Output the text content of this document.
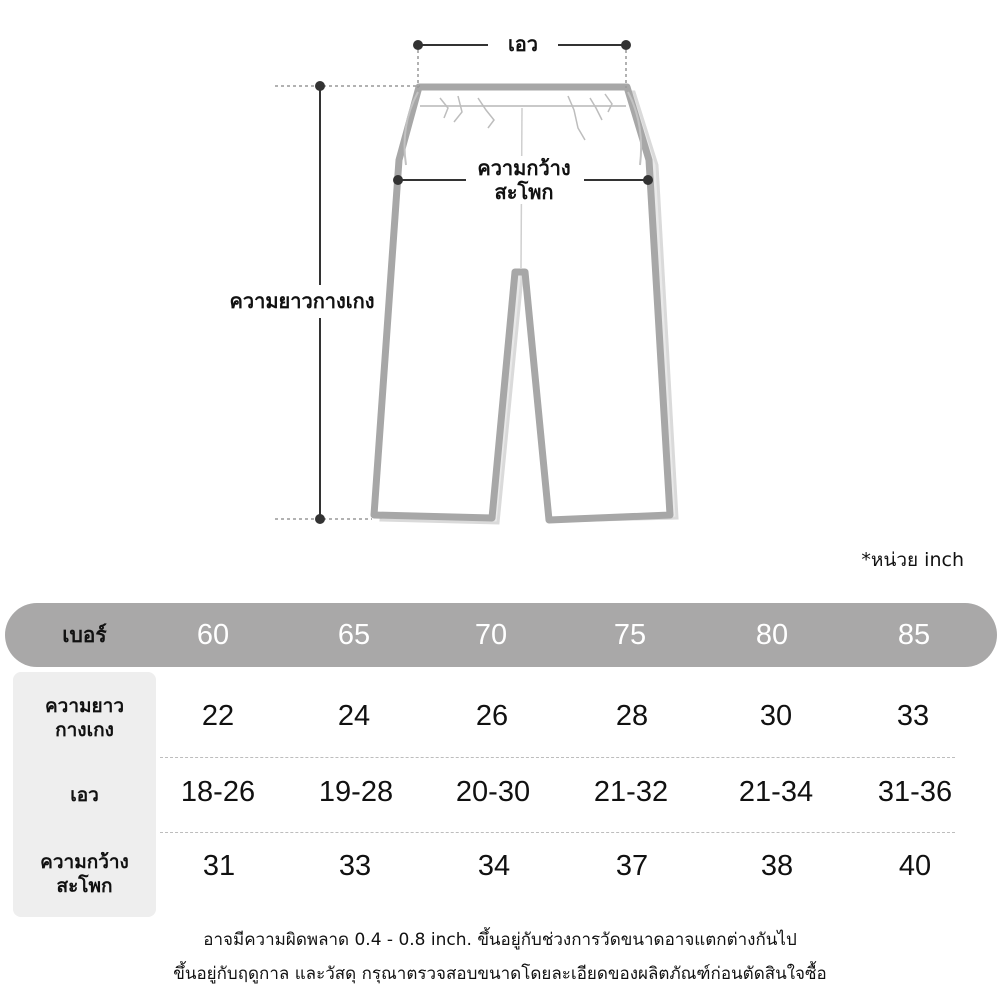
เอว
ความกว้าง
สะโพก
ความยาวกางเกง
*หน่วย inch
เบอร์	60	65	70	75	80	85
ความยาว
กางเกง	22	24	26	28	30	33
เอว	18-26 19-28 20-30 21-32 21-34 31-36
ความกว้าง
สะโพก
31	33	34	37	38	40
อาจมีความผิดพลาด 0.4 - 0.8 inch. ขึ้นอยู่กับช่วงการวัดขนาดอาจแตกต่างกันไป
ขึ้นอยู่กับฤดูกาล และวัสดุ กรุณาตรวจสอบขนาดโดยละเอียดของผลิตภัณฑ์ก่อนตัดสินใจซื้อ
